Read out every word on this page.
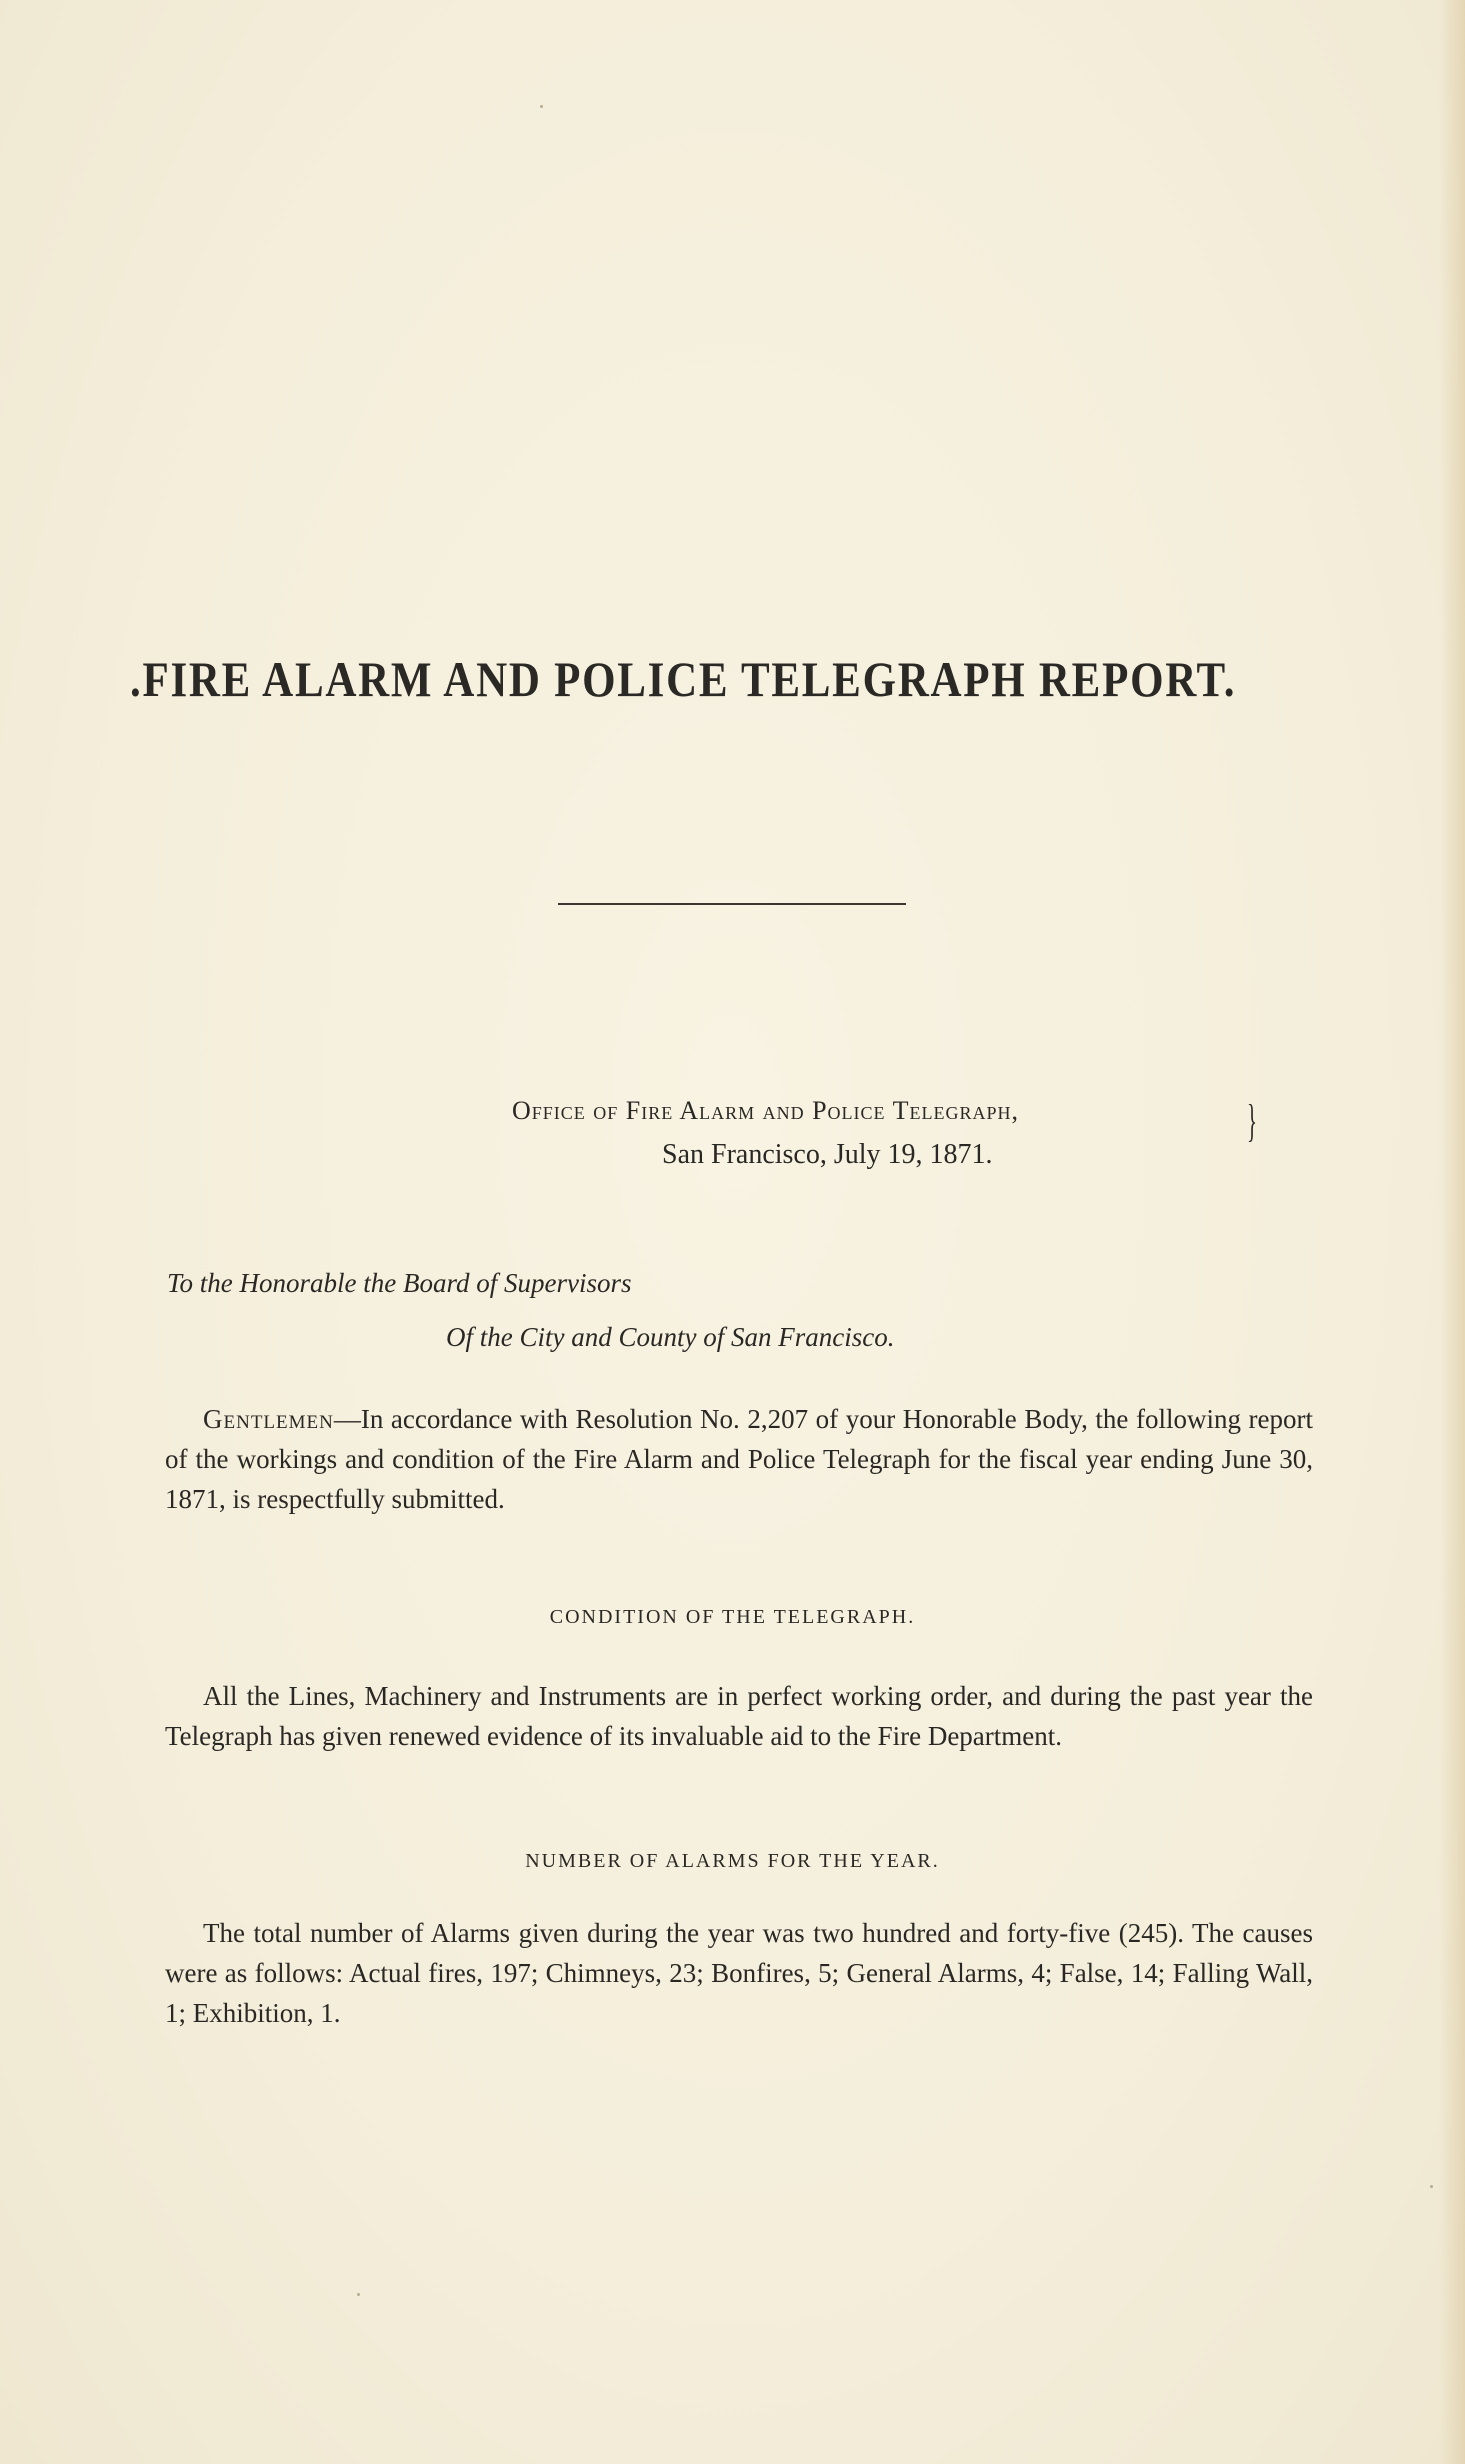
.FIRE ALARM AND POLICE TELEGRAPH REPORT.
Office of Fire Alarm and Police Telegraph,
San Francisco, July 19, 1871.
}
To the Honorable the Board of Supervisors
Of the City and County of San Francisco.

Gentlemen—In accordance with Resolution No. 2,207 of your Honorable Body, the following report of the workings and condition of the Fire Alarm and Police Telegraph for the fiscal year ending June 30, 1871, is respectfully submitted.

CONDITION OF THE TELEGRAPH.

All the Lines, Machinery and Instruments are in perfect working order, and during the past year the Telegraph has given renewed evidence of its invaluable aid to the Fire Department.

NUMBER OF ALARMS FOR THE YEAR.

The total number of Alarms given during the year was two hundred and forty-five (245). The causes were as follows: Actual fires, 197; Chimneys, 23; Bonfires, 5; General Alarms, 4; False, 14; Falling Wall, 1; Exhibition, 1.
